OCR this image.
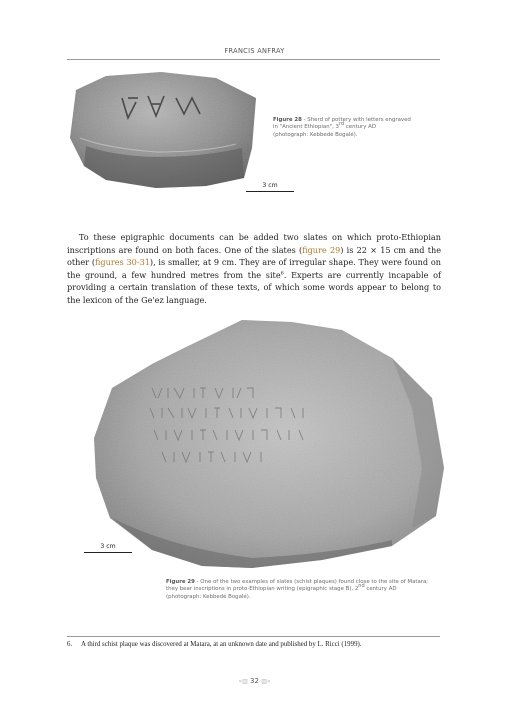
FRANCIS ANFRAY
Figure 28 - Sherd of pottery with letters engraved
in "Ancient Ethiopian", 3rd century AD
(photograph: Kebbedé Bogalé).
3 cm

To these epigraphic documents can be added two slates on which proto-Ethiopian inscriptions are found on both faces. One of the slates (figure 29) is 22 × 15 cm and the other (figures 30-31), is smaller, at 9 cm. They are of irregular shape. They were found on the ground, a few hundred metres from the site$^6$. Experts are currently incapable of providing a certain translation of these texts, of which some words appear to belong to the lexicon of the Ge'ez language.

3 cm
Figure 29 - One of the two examples of slates (schist plaques) found close to the site of Matara;
they bear inscriptions in proto-Ethiopian writing (epigraphic stage B), 2nd century AD
(photograph: Kebbedé Bogalé).
6. A third schist plaque was discovered at Matara, at an unknown date and published by L. Ricci (1999).
«▥ 32 ▥»
